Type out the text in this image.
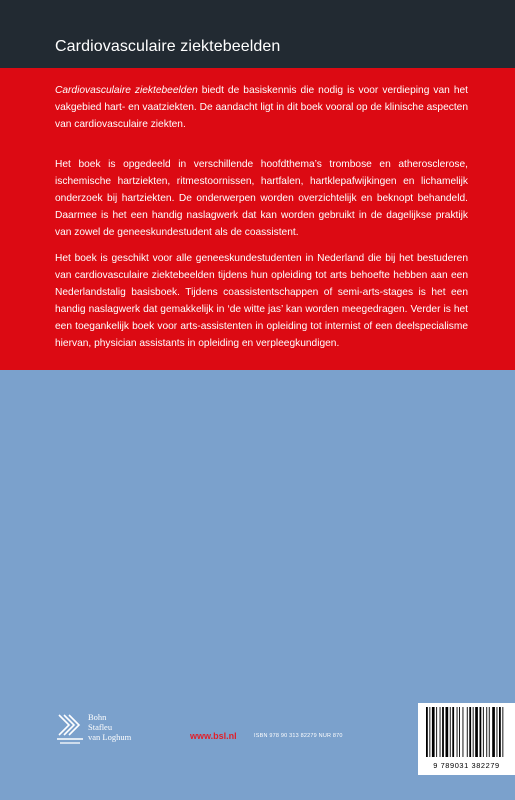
Cardiovasculaire ziektebeelden

Cardiovasculaire ziektebeelden biedt de basiskennis die nodig is voor verdieping van het vakgebied hart- en vaatziekten. De aandacht ligt in dit boek vooral op de klinische aspecten van cardiovasculaire ziekten.

Het boek is opgedeeld in verschillende hoofdthema’s trombose en atherosclerose, ischemische hartziekten, ritmestoornissen, hartfalen, hartklepafwijkingen en lichamelijk onderzoek bij hartziekten. De onderwerpen worden overzichtelijk en beknopt behandeld. Daarmee is het een handig naslagwerk dat kan worden gebruikt in de dagelijkse praktijk van zowel de geneeskundestudent als de coassistent.

Het boek is geschikt voor alle geneeskundestudenten in Nederland die bij het bestuderen van cardiovasculaire ziektebeelden tijdens hun opleiding tot arts behoefte hebben aan een Nederlandstalig basisboek. Tijdens coassistentschappen of semi-arts-stages is het een handig naslagwerk dat gemakkelijk in ‘de witte jas’ kan worden meegedragen. Verder is het een toegankelijk boek voor arts-assistenten in opleiding tot internist of een deelspecialisme hiervan, physician assistants in opleiding en verpleegkundigen.

Bohn
Stafleu
van Loghum	www.bsl.nl	ISBN 978 90 313 82279 NUR 870
9 789031 382279
